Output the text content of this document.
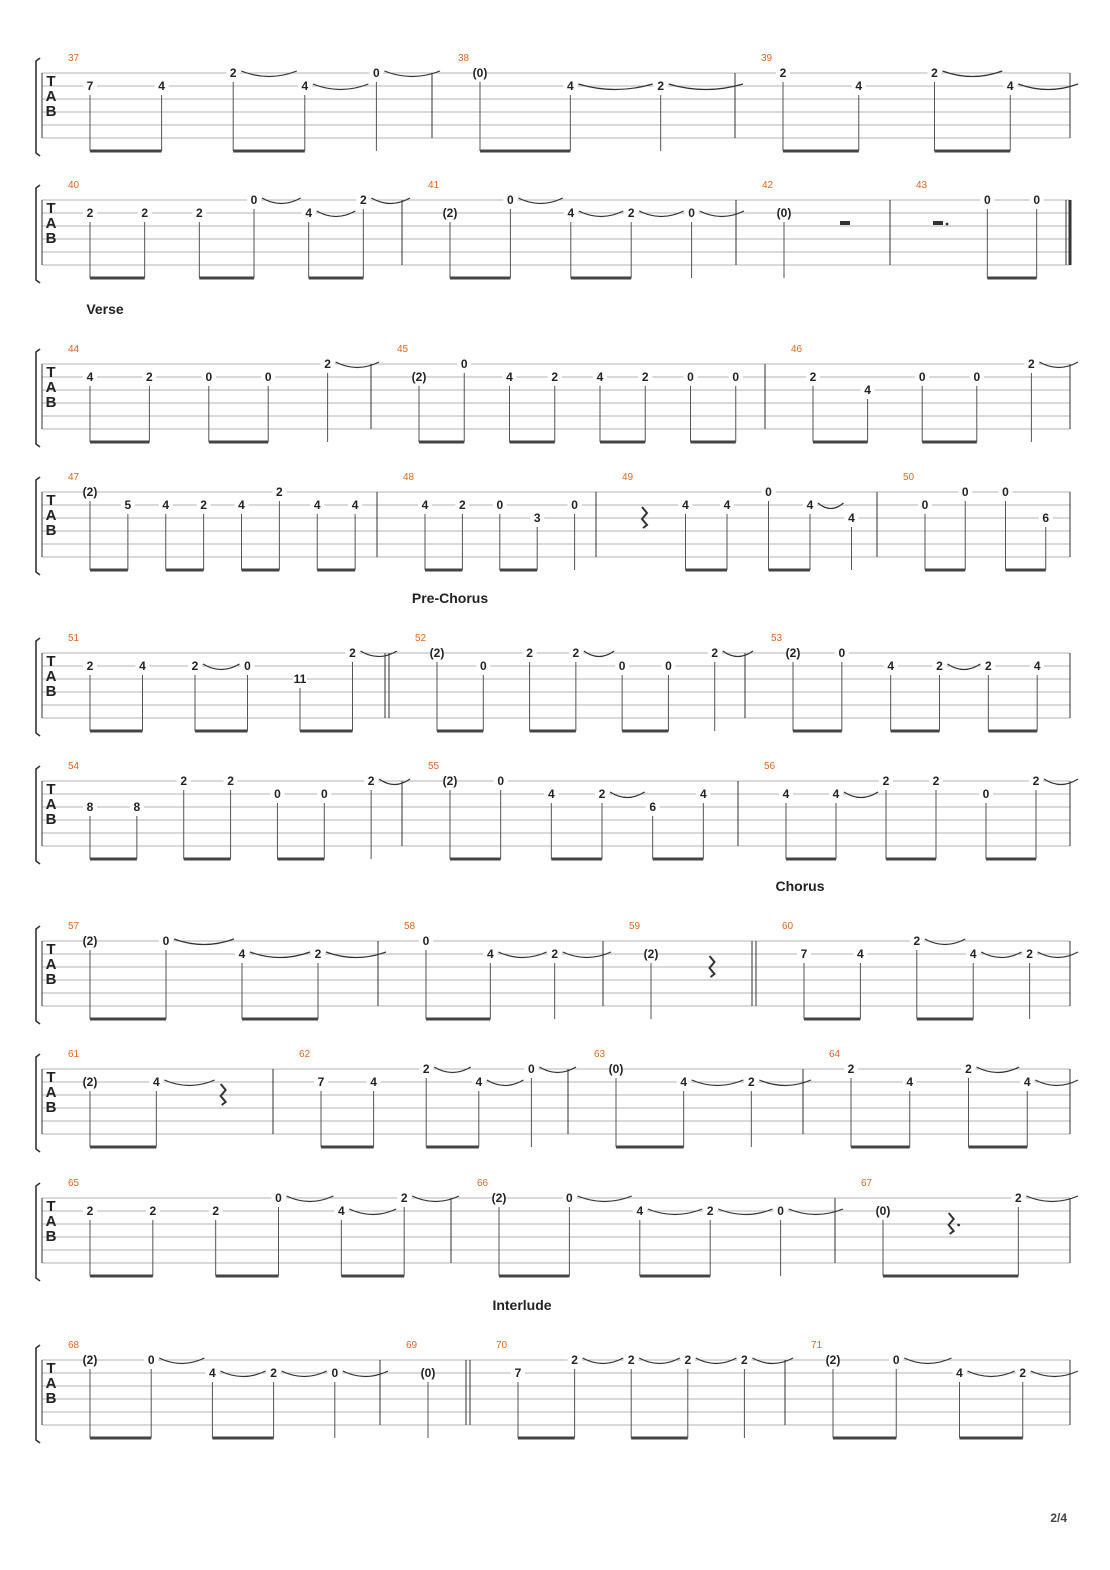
2/4
T
A
B
37
7	4
2
4
0
38
(0)
4	2
39
2
4
2
4
T
A
B
40
2	2	2
0
4
2
41
(2)
0
4	2	0
42
(0)
43
0	0
Verse
T
A
B
44
4	2	0	0
2
45
(2)
0
4	2	4	2	0	0
46
2
4
0	0
2
T
A
B
47
(2)
5	4	2	4
2
4	4
48
4	2	0
3
0
49
4	4
0
4
4
50
0
0	0
6
Pre-Chorus
T
A
B
51
2	4	2	0
11
2
52
(2)
0
2	2
0	0
2
53
(2)	0
4	2	2	4
T
A
B
54
8	8
2	2
0	0
2
55
(2)	0
4	2
6
4
56
4	4
2	2
0
2
Chorus
T
A
B
57
(2)	0
4	2
58
0
4	2
59
(2)
60
7	4
2
4	2
T
A
B
61
(2)	4
62
7	4
2
4
0
63
(0)
4	2
64
2
4
2
4
T
A
B
65
2	2	2
0
4
2
66
(2)	0
4	2	0
67
(0)
2
Interlude
T
A
B
68
(2)	0
4	2	0
69
(0)
70
7
2	2	2	2
71
(2)	0
4	2
